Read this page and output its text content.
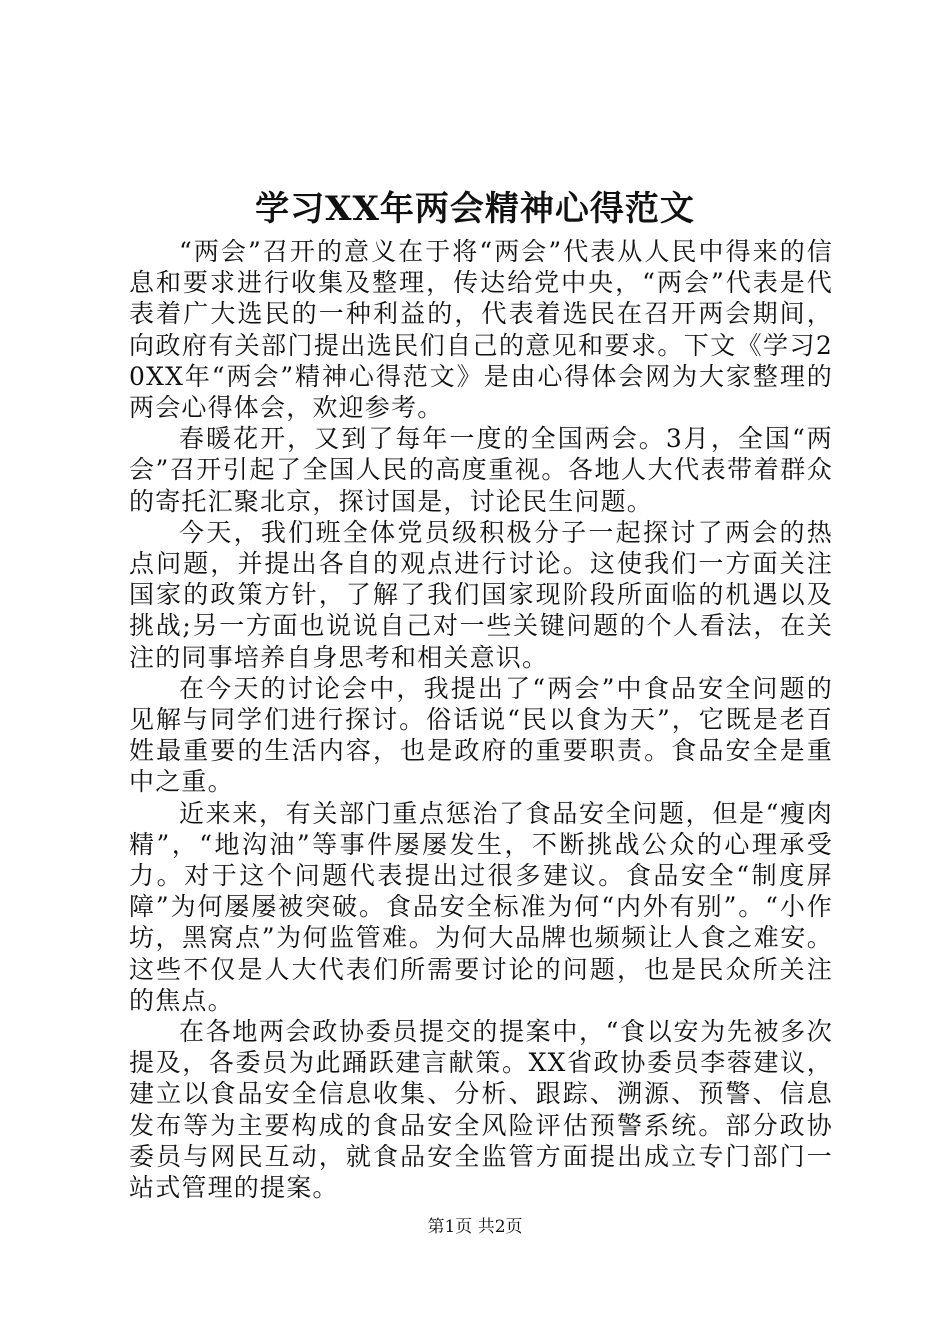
学习XX年两会精神心得范文

“两会”召开的意义在于将“两会”代表从人民中得来的信息和要求进行收集及整理，传达给党中央，“两会”代表是代表着广大选民的一种利益的，代表着选民在召开两会期间，向政府有关部门提出选民们自己的意见和要求。下文《学习20XX年“两会”精神心得范文》是由心得体会网为大家整理的两会心得体会，欢迎参考。

春暖花开，又到了每年一度的全国两会。3月，全国“两会”召开引起了全国人民的高度重视。各地人大代表带着群众的寄托汇聚北京，探讨国是，讨论民生问题。

今天，我们班全体党员级积极分子一起探讨了两会的热点问题，并提出各自的观点进行讨论。这使我们一方面关注国家的政策方针，了解了我们国家现阶段所面临的机遇以及挑战;另一方面也说说自己对一些关键问题的个人看法，在关注的同事培养自身思考和相关意识。

在今天的讨论会中，我提出了“两会”中食品安全问题的见解与同学们进行探讨。俗话说“民以食为天”，它既是老百姓最重要的生活内容，也是政府的重要职责。食品安全是重中之重。

近来来，有关部门重点惩治了食品安全问题，但是“瘦肉精”，“地沟油”等事件屡屡发生，不断挑战公众的心理承受力。对于这个问题代表提出过很多建议。食品安全“制度屏障”为何屡屡被突破。食品安全标准为何“内外有别”。“小作坊，黑窝点”为何监管难。为何大品牌也频频让人食之难安。这些不仅是人大代表们所需要讨论的问题，也是民众所关注的焦点。

在各地两会政协委员提交的提案中，“食以安为先被多次提及，各委员为此踊跃建言献策。XX省政协委员李蓉建议，建立以食品安全信息收集、分析、跟踪、溯源、预警、信息发布等为主要构成的食品安全风险评估预警系统。部分政协委员与网民互动，就食品安全监管方面提出成立专门部门一站式管理的提案。

第1页 共2页
